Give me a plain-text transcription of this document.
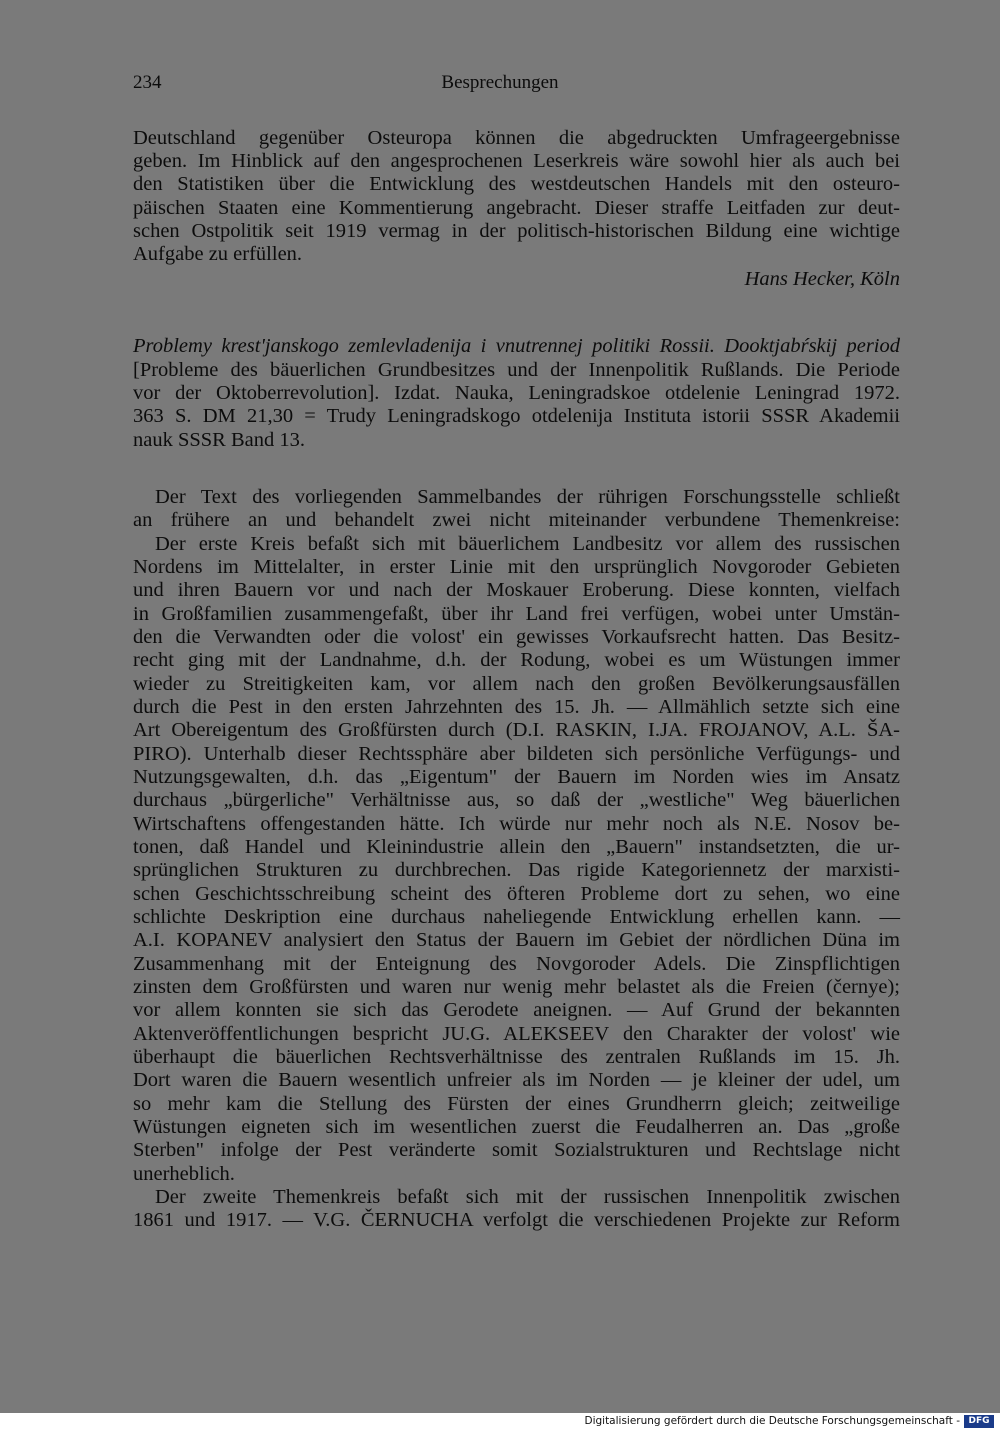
234	Besprechungen
Deutschland gegenüber Osteuropa können die abgedruckten Umfrageergebnisse
geben. Im Hinblick auf den angesprochenen Leserkreis wäre sowohl hier als auch bei
den Statistiken über die Entwicklung des westdeutschen Handels mit den osteuro-
päischen Staaten eine Kommentierung angebracht. Dieser straffe Leitfaden zur deut-
schen Ostpolitik seit 1919 vermag in der politisch-historischen Bildung eine wichtige
Aufgabe zu erfüllen.
Hans Hecker, Köln
Problemy krest'janskogo zemlevladenija i vnutrennej politiki Rossii. Dooktjabŕskij period
[Probleme des bäuerlichen Grundbesitzes und der Innenpolitik Rußlands. Die Periode
vor der Oktoberrevolution]. Izdat. Nauka, Leningradskoe otdelenie Leningrad 1972.
363 S. DM 21,30 = Trudy Leningradskogo otdelenija Instituta istorii SSSR Akademii
nauk SSSR Band 13.
Der Text des vorliegenden Sammelbandes der rührigen Forschungsstelle schließt
an frühere an und behandelt zwei nicht miteinander verbundene Themenkreise:
Der erste Kreis befaßt sich mit bäuerlichem Landbesitz vor allem des russischen
Nordens im Mittelalter, in erster Linie mit den ursprünglich Novgoroder Gebieten
und ihren Bauern vor und nach der Moskauer Eroberung. Diese konnten, vielfach
in Großfamilien zusammengefaßt, über ihr Land frei verfügen, wobei unter Umstän-
den die Verwandten oder die volost' ein gewisses Vorkaufsrecht hatten. Das Besitz-
recht ging mit der Landnahme, d.h. der Rodung, wobei es um Wüstungen immer
wieder zu Streitigkeiten kam, vor allem nach den großen Bevölkerungsausfällen
durch die Pest in den ersten Jahrzehnten des 15. Jh. — Allmählich setzte sich eine
Art Obereigentum des Großfürsten durch (D.I. RASKIN, I.JA. FROJANOV, A.L. ŠA-
PIRO). Unterhalb dieser Rechtssphäre aber bildeten sich persönliche Verfügungs- und
Nutzungsgewalten, d.h. das „Eigentum" der Bauern im Norden wies im Ansatz
durchaus „bürgerliche" Verhältnisse aus, so daß der „westliche" Weg bäuerlichen
Wirtschaftens offengestanden hätte. Ich würde nur mehr noch als N.E. Nosov be-
tonen, daß Handel und Kleinindustrie allein den „Bauern" instandsetzten, die ur-
sprünglichen Strukturen zu durchbrechen. Das rigide Kategoriennetz der marxisti-
schen Geschichtsschreibung scheint des öfteren Probleme dort zu sehen, wo eine
schlichte Deskription eine durchaus naheliegende Entwicklung erhellen kann. —
A.I. KOPANEV analysiert den Status der Bauern im Gebiet der nördlichen Düna im
Zusammenhang mit der Enteignung des Novgoroder Adels. Die Zinspflichtigen
zinsten dem Großfürsten und waren nur wenig mehr belastet als die Freien (černye);
vor allem konnten sie sich das Gerodete aneignen. — Auf Grund der bekannten
Aktenveröffentlichungen bespricht JU.G. ALEKSEEV den Charakter der volost' wie
überhaupt die bäuerlichen Rechtsverhältnisse des zentralen Rußlands im 15. Jh.
Dort waren die Bauern wesentlich unfreier als im Norden — je kleiner der udel, um
so mehr kam die Stellung des Fürsten der eines Grundherrn gleich; zeitweilige
Wüstungen eigneten sich im wesentlichen zuerst die Feudalherren an. Das „große
Sterben" infolge der Pest veränderte somit Sozialstrukturen und Rechtslage nicht
unerheblich.
Der zweite Themenkreis befaßt sich mit der russischen Innenpolitik zwischen
1861 und 1917. — V.G. ČERNUCHA verfolgt die verschiedenen Projekte zur Reform
Digitalisierung gefördert durch die Deutsche Forschungsgemeinschaft - DFG
